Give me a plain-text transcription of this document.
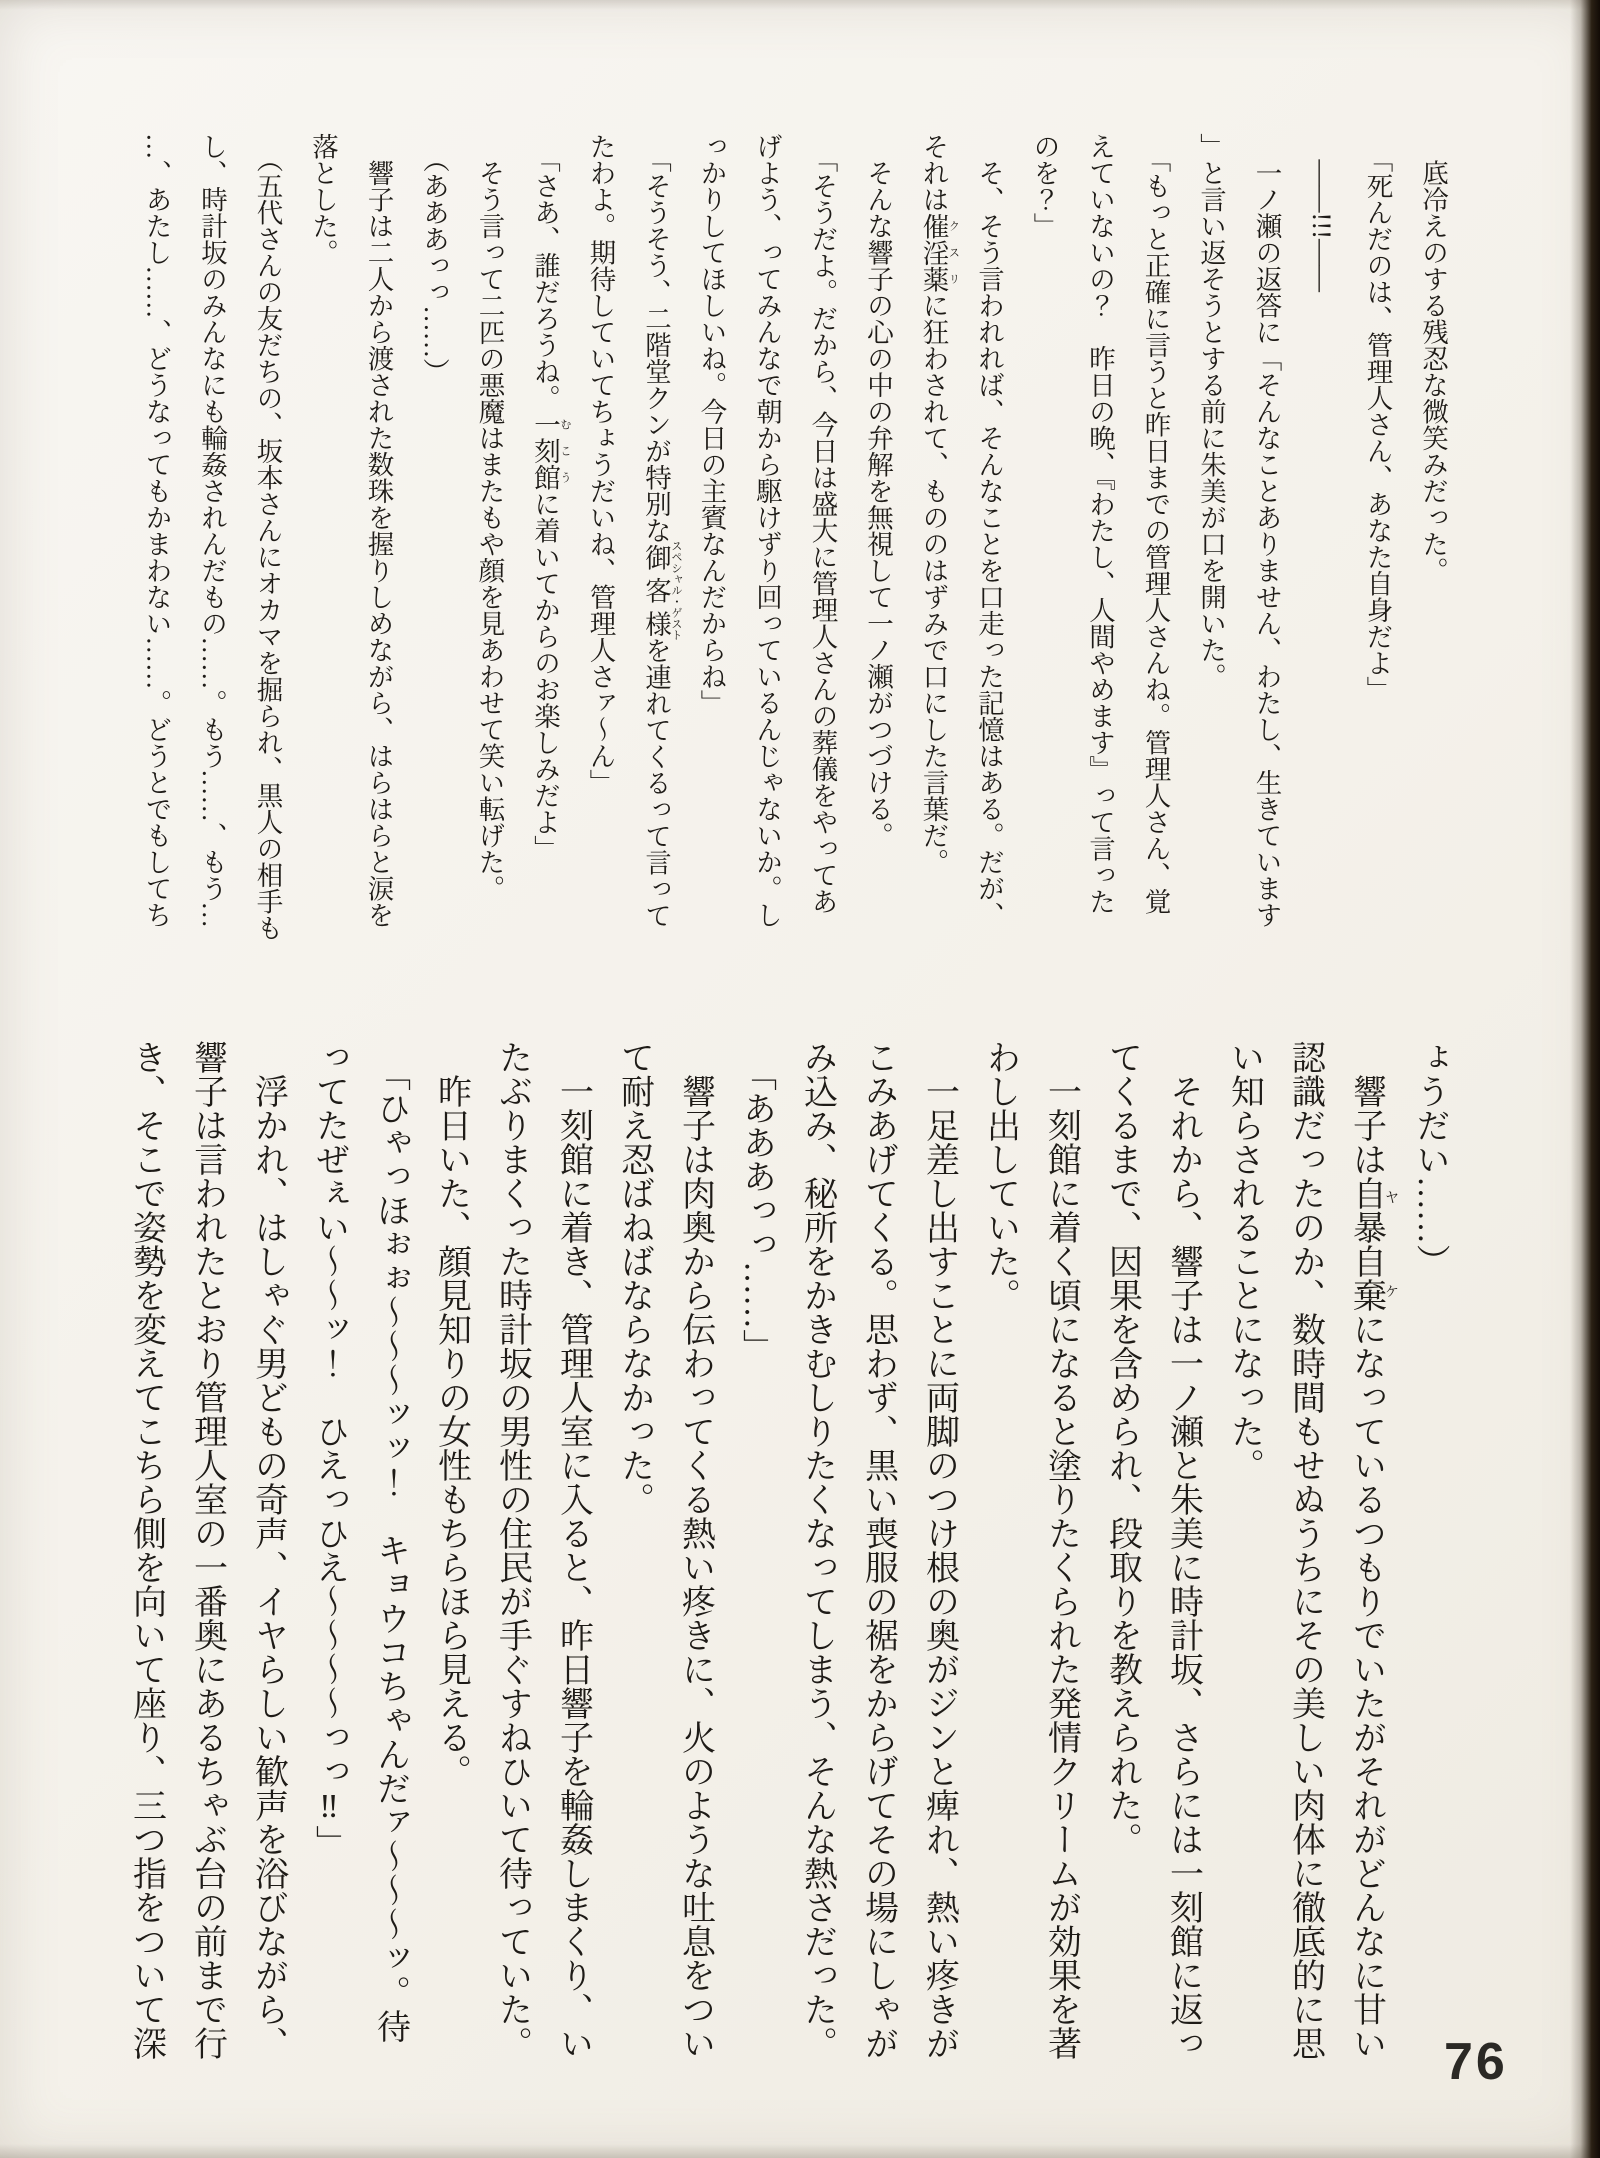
　底冷えのする残忍な微笑みだった。

　「死んだのは、管理人さん、あなた自身だよ」

　――!!!――

　一ノ瀬の返答に「そんなことありません、わたし、生きています

」と言い返そうとする前に朱美が口を開いた。

　「もっと正確に言うと昨日までの管理人さんね。管理人さん、覚

えていないの？　昨日の晩、『わたし、人間やめます』って言った

のを？」

　そ、そう言われれば、そんなことを口走った記憶はある。だが、

それは催淫薬 クスリに狂わされて、もののはずみで口にした言葉だ。

　そんな響子の心の中の弁解を無視して一ノ瀬がつづける。

　「そうだよ。だから、今日は盛大に管理人さんの葬儀をやってあ

げよう、ってみんなで朝から駆けずり回っているんじゃないか。し

っかりしてほしいね。今日の主賓なんだからね」

　「そうそう、二階堂クンが特別な御客様 スペシャル・ゲストを連れてくるって言って

たわよ。期待していてちょうだいね、管理人さァ〜ん」

　「さあ、誰だろうね。一刻館 むこうに着いてからのお楽しみだよ」

　そう言って二匹の悪魔はまたもや顔を見あわせて笑い転げた。

　（あああっっ……）

　響子は二人から渡された数珠を握りしめながら、はらはらと涙を

落とした。

　（五代さんの友だちの、坂本さんにオカマを掘られ、黒人の相手も

し、時計坂のみんなにも輪姦されんだもの……。もう……、もう…

…、あたし……、どうなってもかまわない……。どうとでもしてち

ょうだい……）

　響子は自暴自棄ヤケになっているつもりでいたがそれがどんなに甘い

認識だったのか、数時間もせぬうちにその美しい肉体に徹底的に思

い知らされることになった。

　それから、響子は一ノ瀬と朱美に時計坂、さらには一刻館に返っ

てくるまで、因果を含められ、段取りを教えられた。

　一刻館に着く頃になると塗りたくられた発情クリームが効果を著

わし出していた。

　一足差し出すことに両脚のつけ根の奥がジンと痺れ、熱い疼きが

こみあげてくる。思わず、黒い喪服の裾をからげてその場にしゃが

み込み、秘所をかきむしりたくなってしまう、そんな熱さだった。

　「あああっっ……」

　響子は肉奥から伝わってくる熱い疼きに、火のような吐息をつい

て耐え忍ばねばならなかった。

　一刻館に着き、管理人室に入ると、昨日響子を輪姦しまくり、い

たぶりまくった時計坂の男性の住民が手ぐすねひいて待っていた。

　昨日いた、顔見知りの女性もちらほら見える。

　「ひゃっほぉぉ〜〜〜ッッ！　キョウコちゃんだァ〜〜〜ッ。待

ってたぜぇい〜〜ッ！　ひえっひえ〜〜〜〜っっ‼」

　浮かれ、はしゃぐ男どもの奇声、イヤらしい歓声を浴びながら、

響子は言われたとおり管理人室の一番奥にあるちゃぶ台の前まで行

き、そこで姿勢を変えてこちら側を向いて座り、三つ指をついて深

76
